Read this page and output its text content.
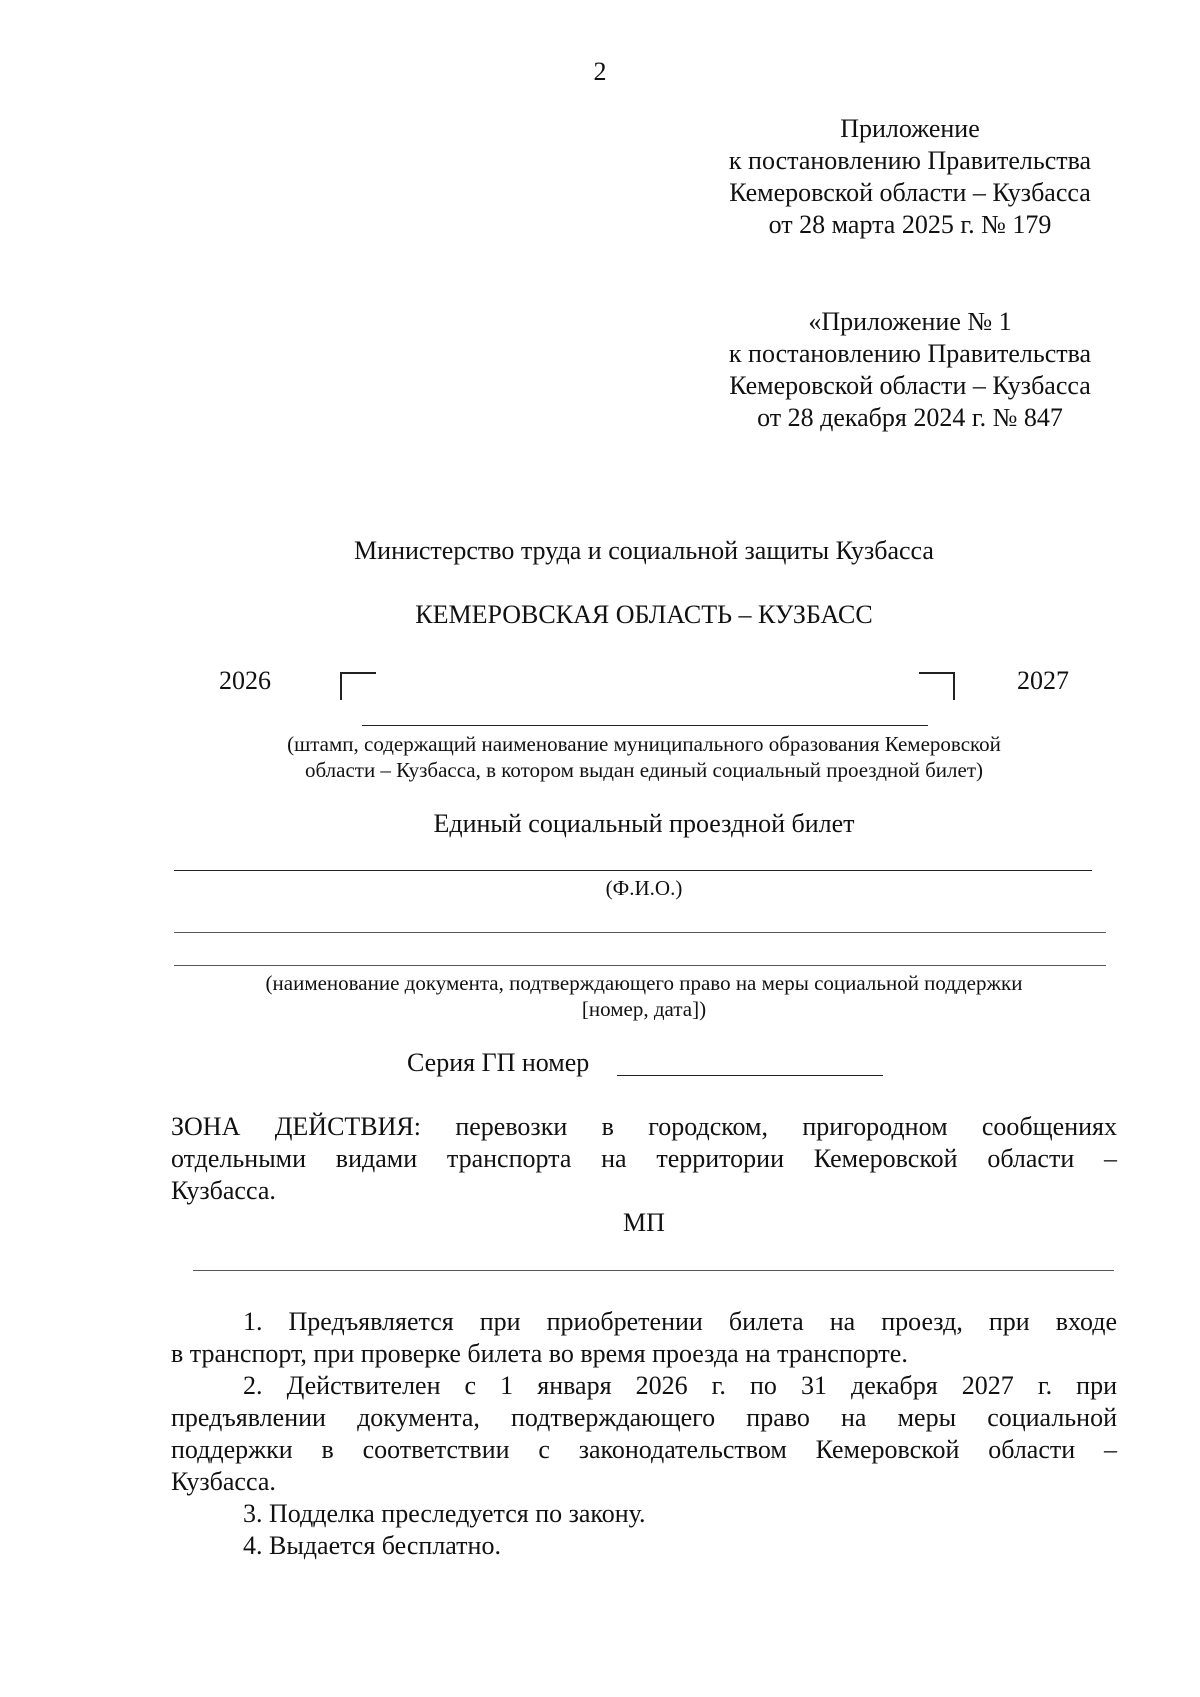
2
Приложение
к постановлению Правительства
Кемеровской области – Кузбасса
от 28 марта 2025 г. № 179
«Приложение № 1
к постановлению Правительства
Кемеровской области – Кузбасса
от 28 декабря 2024 г. № 847
Министерство труда и социальной защиты Кузбасса
КЕМЕРОВСКАЯ ОБЛАСТЬ – КУЗБАСС
2026	2027
(штамп, содержащий наименование муниципального образования Кемеровской
области – Кузбасса, в котором выдан единый социальный проездной билет)
Единый социальный проездной билет
(Ф.И.О.)
(наименование документа, подтверждающего право на меры социальной поддержки
[номер, дата])
Серия ГП номер
ЗОНА ДЕЙСТВИЯ: перевозки в городском, пригородном сообщениях
отдельными видами транспорта на территории Кемеровской области –
Кузбасса.
МП
1. Предъявляется при приобретении билета на проезд, при входе
в транспорт, при проверке билета во время проезда на транспорте.
2. Действителен с 1 января 2026 г. по 31 декабря 2027 г. при
предъявлении документа, подтверждающего право на меры социальной
поддержки в соответствии с законодательством Кемеровской области –
Кузбасса.
3. Подделка преследуется по закону.
4. Выдается бесплатно.
